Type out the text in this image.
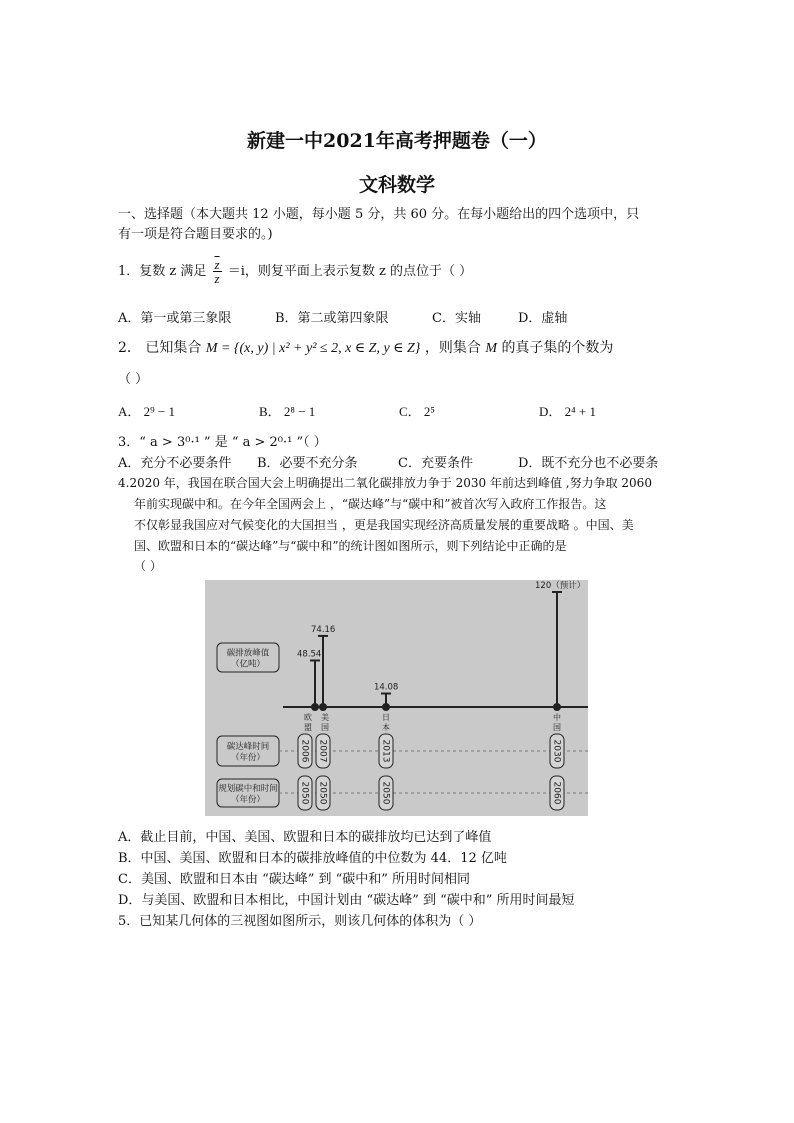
新建一中2021年高考押题卷（一）
文科数学
一、选择题（本大题共 12 小题，每小题 5 分，共 60 分。在每小题给出的四个选项中，只
有一项是符合题目要求的。)
1．复数 z 满足 $\frac{\overline{z}}{z} =i$，则复平面上表示复数 z 的点位于（ ）
A．第一或第三象限	B．第二或第四象限	C．实轴	D．虚轴
2． 已知集合 M = {(x, y) | x² + y² ≤ 2, x ∈ Z, y ∈ Z} ，则集合 M 的真子集的个数为
（ ）
A． 2⁹ − 1	B． 2⁸ − 1	C． 2⁵	D． 2⁴ + 1
3．“ a > 3⁰·¹ ” 是 “ a > 2⁰·¹ ”（ ）
A．充分不必要条件 B．必要不充分条	C．充要条件	D．既不充分也不必要条
4.2020 年，我国在联合国大会上明确提出二氧化碳排放力争于 2030 年前达到峰值 ,努力争取 2060
年前实现碳中和。在今年全国两会上 ，“碳达峰”与“碳中和”被首次写入政府工作报告。这
不仅彰显我国应对气候变化的大国担当 ，更是我国实现经济高质量发展的重要战略 。中国、美
国、欧盟和日本的“碳达峰”与“碳中和”的统计图如图所示，则下列结论中正确的是
（ ）
48.54
74.16
14.08
120（预计）
欧
盟
美
国
日
本
中
国
碳排放峰值
（亿吨）
碳达峰时间
（年份）
规划碳中和时间
（年份）
2006 2007	2013	2030
2050 2050	2050	2060
A．截止目前，中国、美国、欧盟和日本的碳排放均已达到了峰值
B．中国、美国、欧盟和日本的碳排放峰值的中位数为 44．12 亿吨
C．美国、欧盟和日本由 “碳达峰” 到 “碳中和” 所用时间相同
D．与美国、欧盟和日本相比，中国计划由 “碳达峰” 到 “碳中和” 所用时间最短
5．已知某几何体的三视图如图所示，则该几何体的体积为（ ）
